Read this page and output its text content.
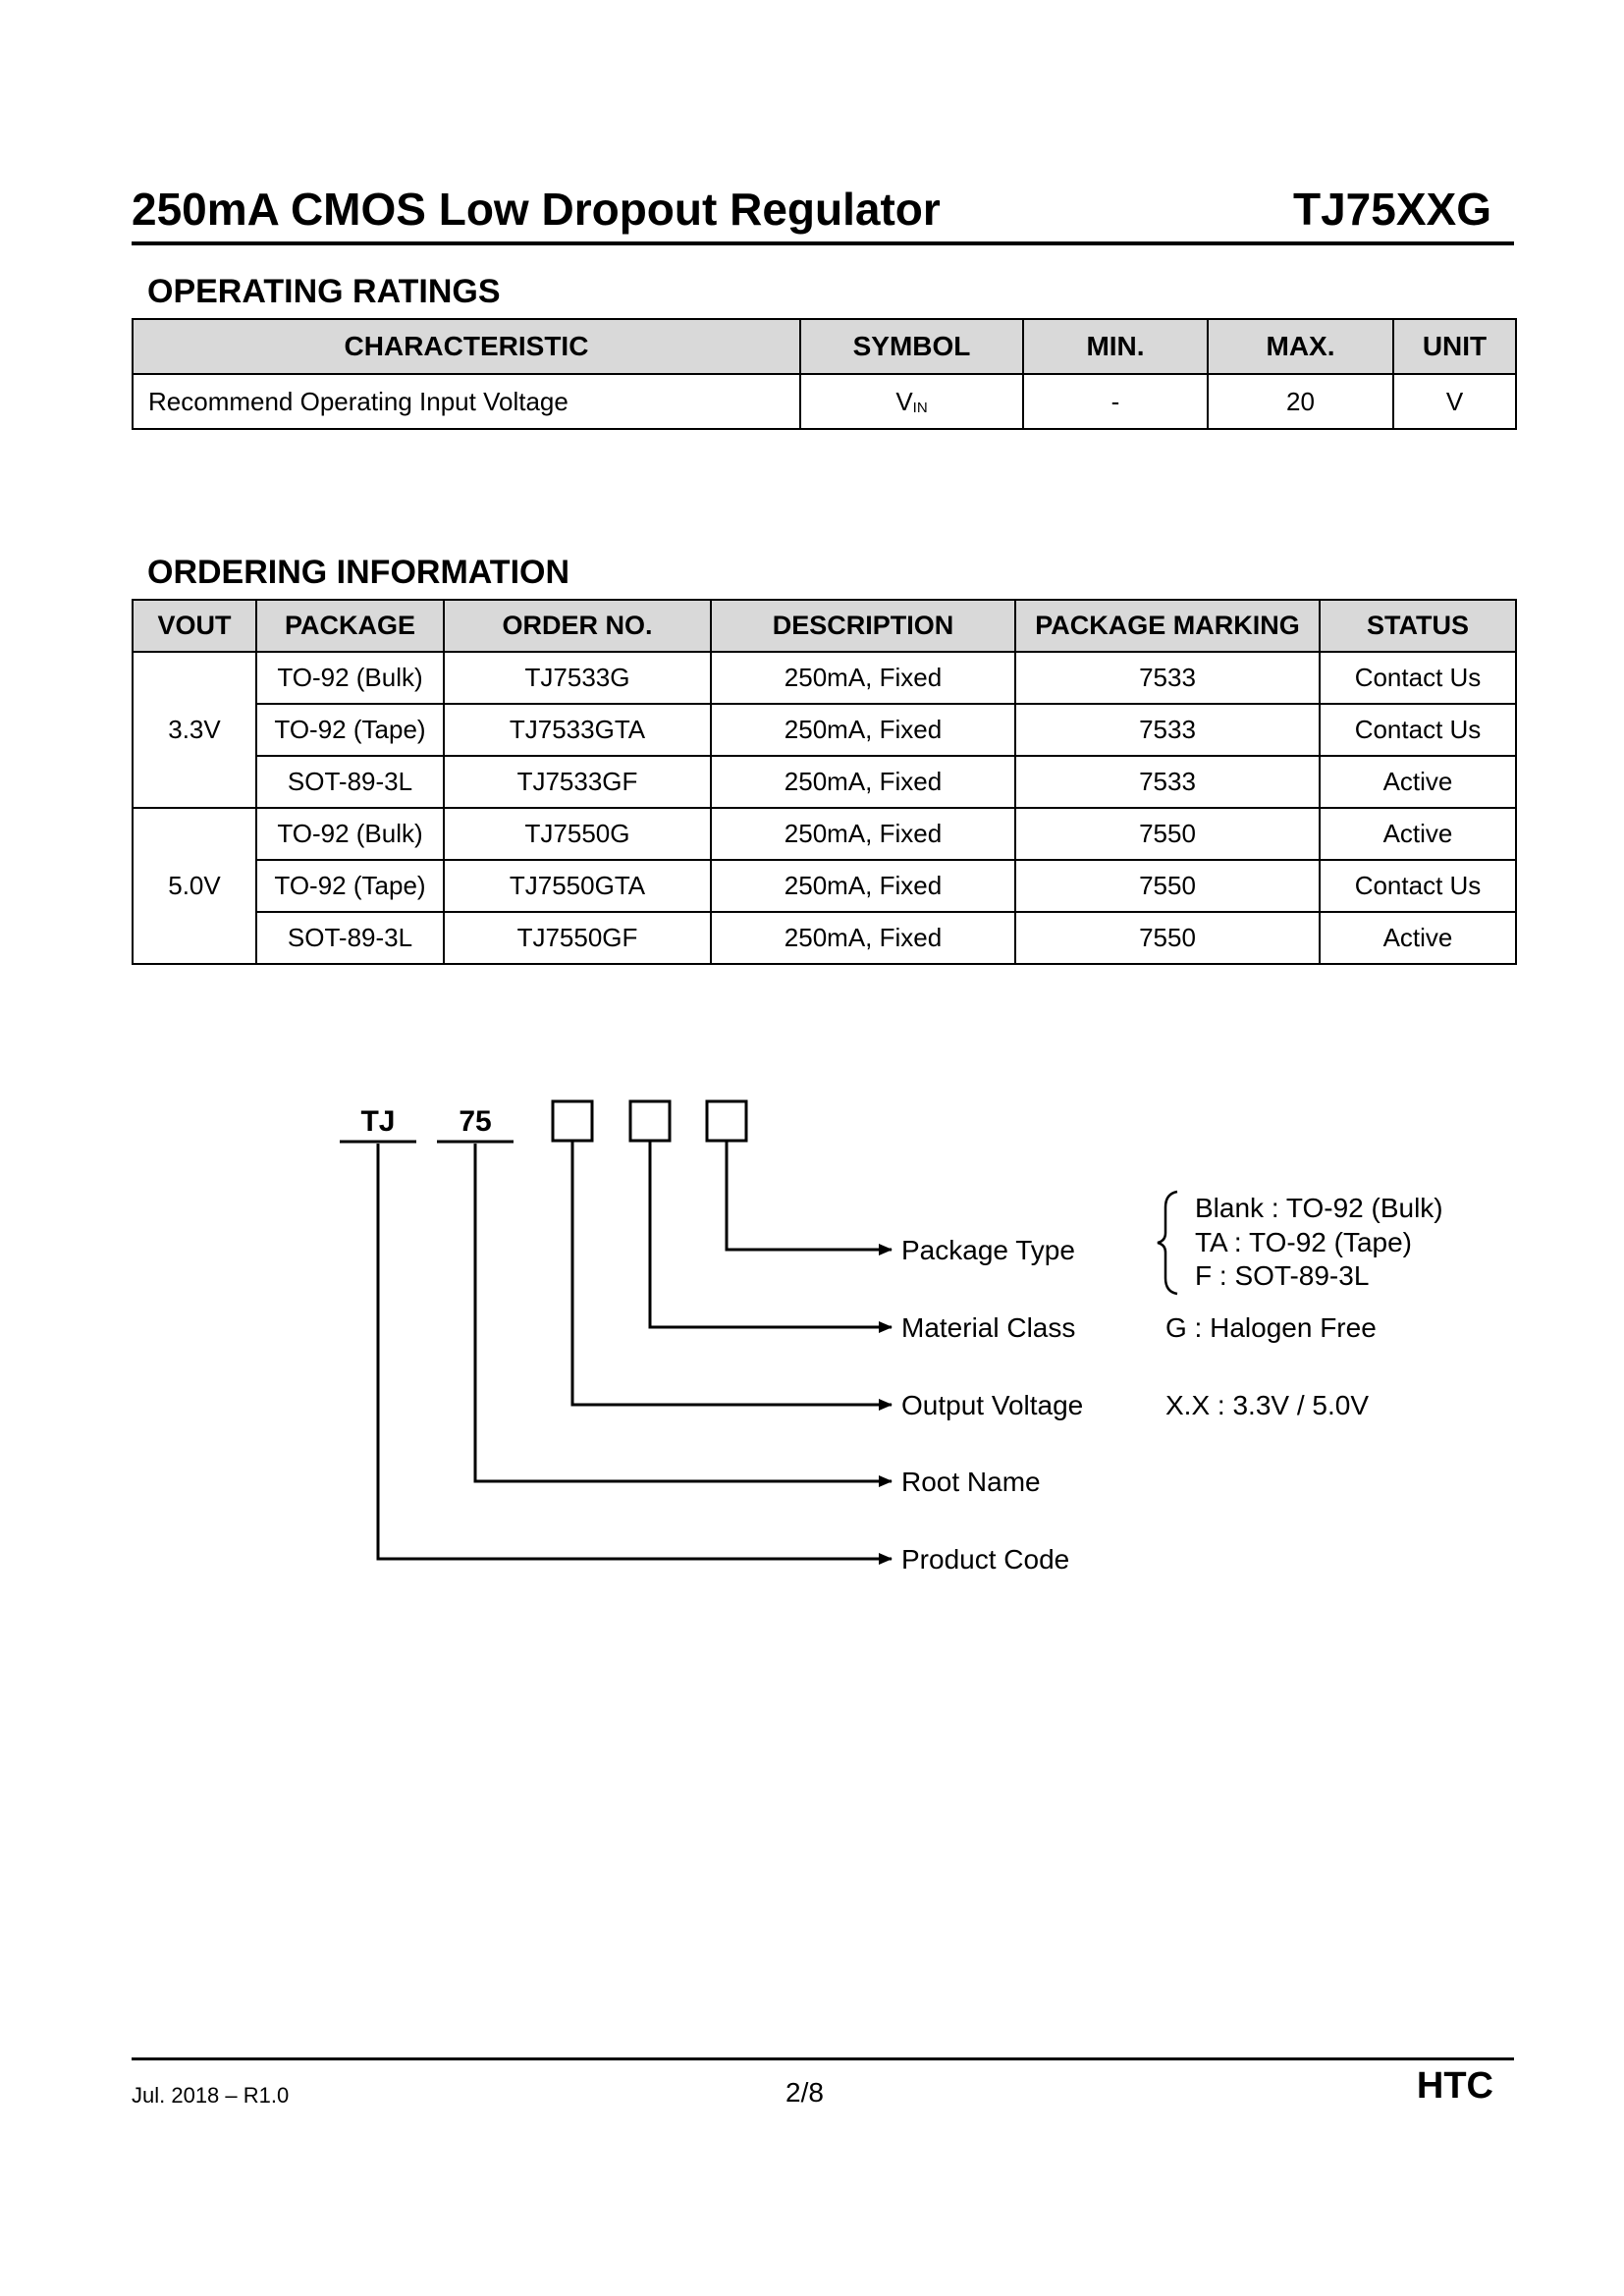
250mA CMOS Low Dropout Regulator	TJ75XXG
OPERATING RATINGS
CHARACTERISTIC	SYMBOL	MIN.	MAX.	UNIT
Recommend Operating Input Voltage	VIN	-	20	V
ORDERING INFORMATION
VOUT	PACKAGE	ORDER NO.	DESCRIPTION	PACKAGE MARKING	STATUS
3.3V	TO-92 (Bulk)	TJ7533G	250mA, Fixed	7533	Contact Us
	TO-92 (Tape)	TJ7533GTA	250mA, Fixed	7533	Contact Us
	SOT-89-3L	TJ7533GF	250mA, Fixed	7533	Active
5.0V	TO-92 (Bulk)	TJ7550G	250mA, Fixed	7550	Active
	TO-92 (Tape)	TJ7550GTA	250mA, Fixed	7550	Contact Us
	SOT-89-3L	TJ7550GF	250mA, Fixed	7550	Active
TJ 75
Package Type
Material Class
Output Voltage
Root Name
Product Code
Blank : TO-92 (Bulk)
TA : TO-92 (Tape)
F : SOT-89-3L
G : Halogen Free
X.X : 3.3V / 5.0V
Jul. 2018 – R1.0	2/8	HTC
